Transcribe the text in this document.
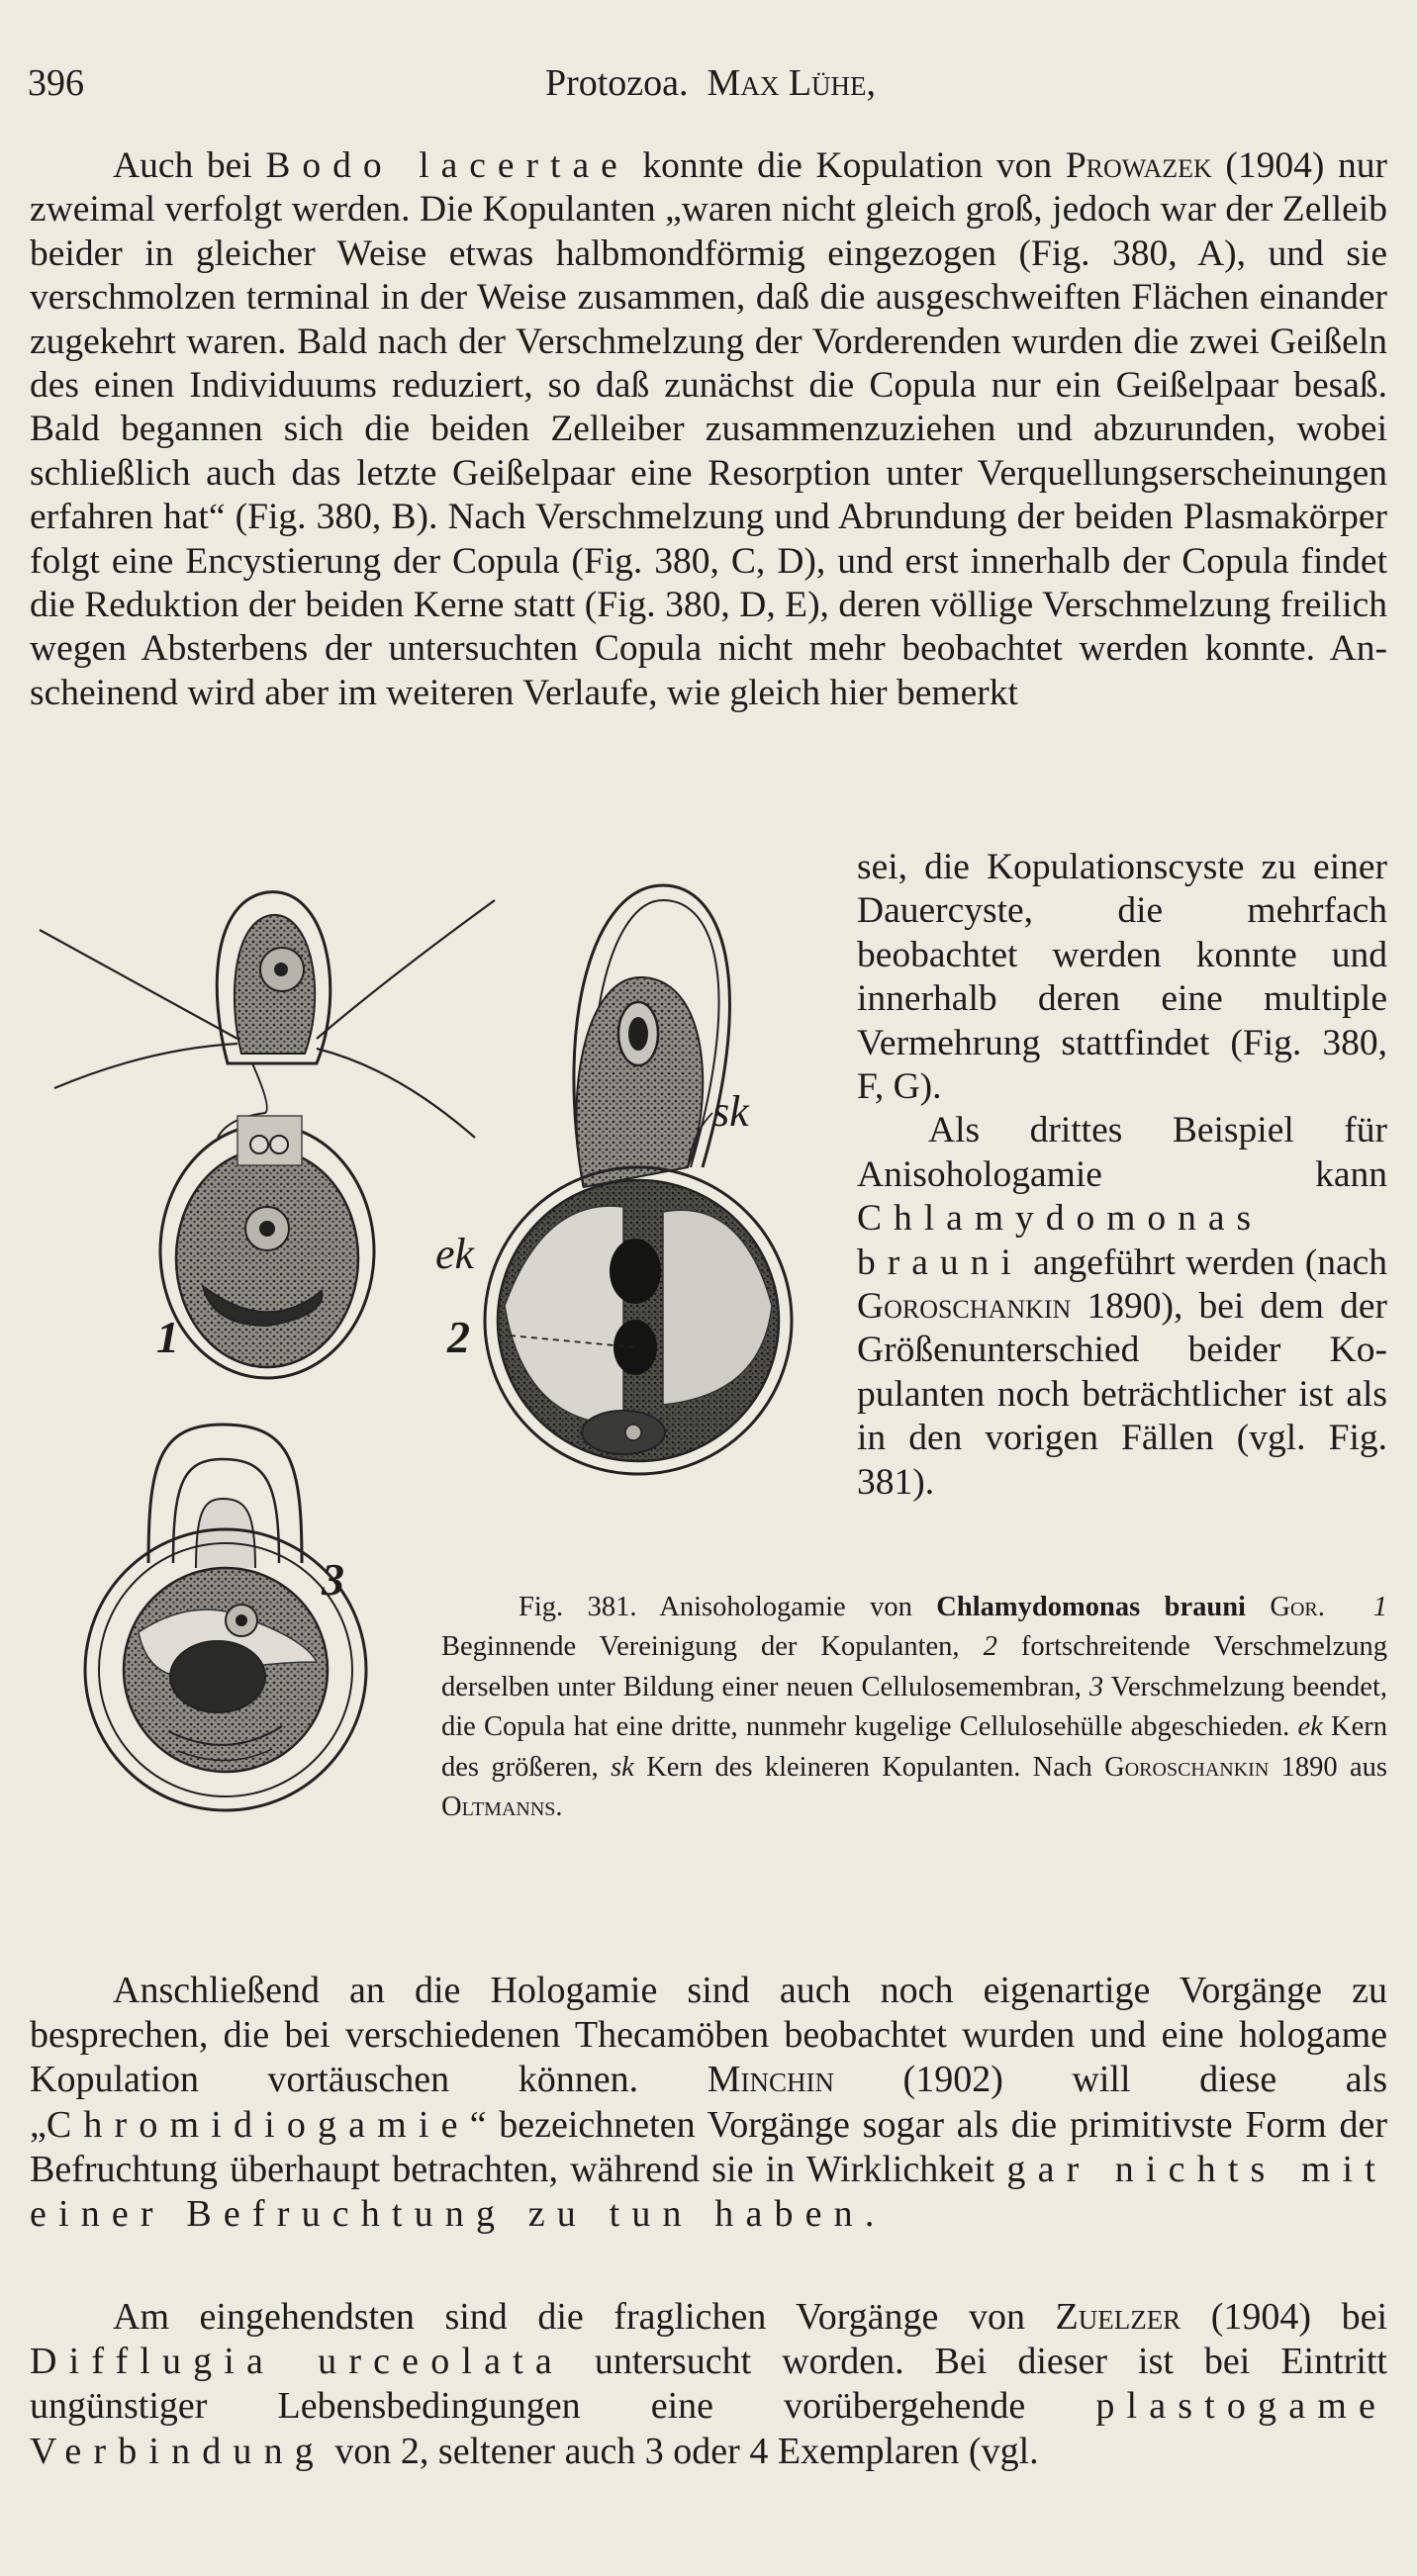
396	Protozoa. Max Lühe,
Auch bei Bodo lacertae konnte die Kopulation von Prowazek (1904) nur zweimal verfolgt werden. Die Kopulanten „waren nicht gleich groß, jedoch war der Zelleib beider in gleicher Weise etwas halbmondförmig eingezogen (Fig. 380, A), und sie verschmolzen terminal in der Weise zusammen, daß die ausgeschweiften Flächen einander zugekehrt waren. Bald nach der Verschmelzung der Vorderenden wurden die zwei Geißeln des einen Individuums reduziert, so daß zunächst die Copula nur ein Geißelpaar besaß. Bald begannen sich die beiden Zelleiber zusammenzuziehen und abzurunden, wobei schließlich auch das letzte Geißelpaar eine Resorption unter Verquellungserscheinungen erfahren hat“ (Fig. 380, B). Nach Verschmelzung und Abrundung der beiden Plasmakörper folgt eine Encystierung der Copula (Fig. 380, C, D), und erst innerhalb der Copula findet die Reduktion der beiden Kerne statt (Fig. 380, D, E), deren völlige Verschmelzung freilich wegen Absterbens der untersuchten Copula nicht mehr beobachtet werden konnte. Anscheinend wird aber im weiteren Verlaufe, wie gleich hier bemerkt
sei, die Kopulationscyste zu einer Dauercyste, die mehrfach beobachtet werden konnte und innerhalb deren eine multiple Vermehrung stattfindet (Fig. 380, F, G).
Als drittes Beispiel für Anisohologamie kann Chlamydomonas brauni angeführt werden (nach Goroschankin 1890), bei dem der Größenunterschied beider Kopulanten noch beträchtlicher ist als in den vorigen Fällen (vgl. Fig. 381).
1	2
3
ek
sk
Fig. 381. Anisohologamie von Chlamydomonas brauni Gor. 1 Beginnende Vereinigung der Kopulanten, 2 fortschreitende Verschmelzung derselben unter Bildung einer neuen Cellulosemembran, 3 Verschmelzung beendet, die Copula hat eine dritte, nunmehr kugelige Cellulosehülle abgeschieden. ek Kern des größeren, sk Kern des kleineren Kopulanten. Nach Goroschankin 1890 aus Oltmanns.
Anschließend an die Hologamie sind auch noch eigenartige Vorgänge zu besprechen, die bei verschiedenen Thecamöben beobachtet wurden und eine hologame Kopulation vortäuschen können. Minchin (1902) will diese als „Chromidiogamie“ bezeichneten Vorgänge sogar als die primitivste Form der Befruchtung überhaupt betrachten, während sie in Wirklichkeit gar nichts mit einer Befruchtung zu tun haben.
Am eingehendsten sind die fraglichen Vorgänge von Zuelzer (1904) bei Difflugia urceolata untersucht worden. Bei dieser ist bei Eintritt ungünstiger Lebensbedingungen eine vorübergehende plastogame Verbindung von 2, seltener auch 3 oder 4 Exemplaren (vgl.
